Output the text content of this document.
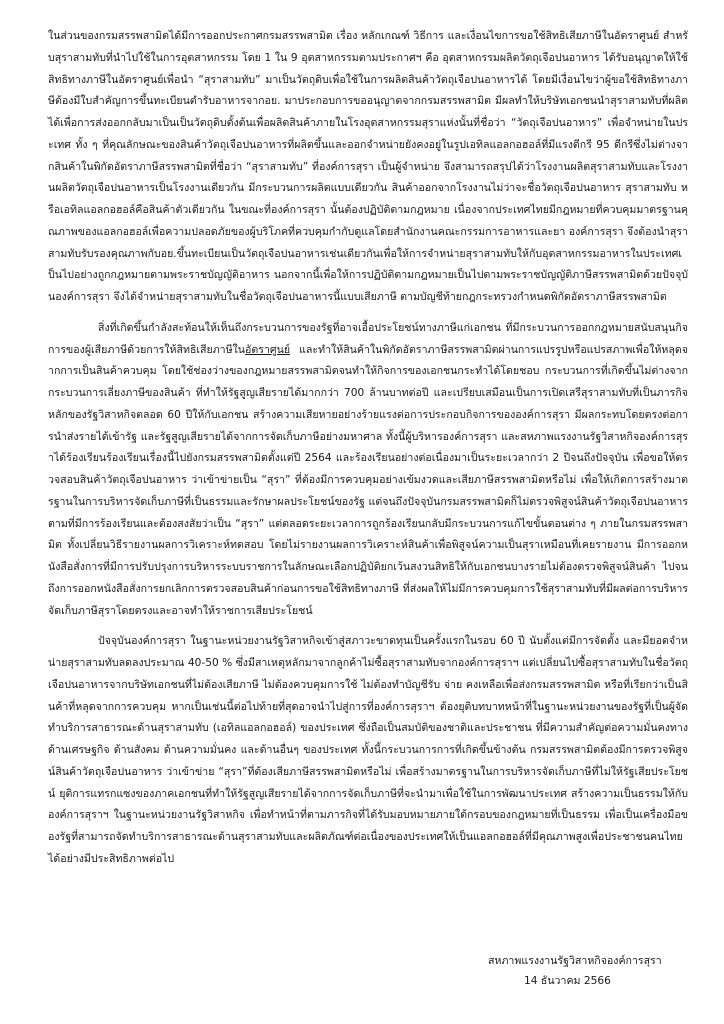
ในส่วนของกรมสรรพสามิตได้มีการออกประกาศกรมสรรพสามิต เรื่อง หลักเกณฑ์ วิธีการ และเงื่อนไขการขอใช้สิทธิเสียภาษีในอัตราศูนย์ สำหรับสุราสามทับที่นำไปใช้ในการอุตสาหกรรม โดย 1 ใน 9 อุตสาหกรรมตามประกาศฯ คือ อุตสาหกรรมผลิตวัตถุเจือปนอาหาร ได้รับอนุญาตให้ใช้สิทธิทางภาษีในอัตราศูนย์เพื่อนำ “สุราสามทับ” มาเป็นวัตถุดิบเพื่อใช้ในการผลิตสินค้าวัตถุเจือปนอาหารได้ โดยมีเงื่อนไขว่าผู้ขอใช้สิทธิทางภาษีต้องมีใบสำคัญการขึ้นทะเบียนตำรับอาหารจากอย. มาประกอบการขออนุญาตจากกรมสรรพสามิต มีผลทำให้บริษัทเอกชนนำสุราสามทับที่ผลิตได้เพื่อการส่งออกกลับมาเป็นเป็นวัตถุดิบตั้งต้นเพื่อผลิตสินค้าภายในโรงอุตสาหกรรมสุราแห่งนั้นที่ชื่อว่า “วัตถุเจือปนอาหาร” เพื่อจำหน่ายในประเทศ ทั้ง ๆ ที่คุณลักษณะของสินค้าวัตถุเจือปนอาหารที่ผลิตขึ้นและออกจำหน่ายยังคงอยู่ในรูปเอทิลแอลกอฮอล์ที่มีแรงดีกรี 95 ดีกรีซึ่งไม่ต่างจากสินค้าในพิกัดอัตราภาษีสรรพสามิตที่ชื่อว่า “สุราสามทับ” ที่องค์การสุรา เป็นผู้จำหน่าย จึงสามารถสรุปได้ว่าโรงงานผลิตสุราสามทับและโรงงานผลิตวัตถุเจือปนอาหารเป็นโรงงานเดียวกัน มีกระบวนการผลิตแบบเดียวกัน สินค้าออกจากโรงงานไม่ว่าจะชื่อวัตถุเจือปนอาหาร สุราสามทับ หรือเอทิลแอลกอฮอล์คือสินค้าตัวเดียวกัน ในขณะที่องค์การสุรา นั้นต้องปฏิบัติตามกฎหมาย เนื่องจากประเทศไทยมีกฎหมายที่ควบคุมมาตรฐานคุณภาพของแอลกอฮอล์เพื่อความปลอดภัยของผู้บริโภคที่ควบคุมกำกับดูแลโดยสำนักงานคณะกรรมการอาหารและยา องค์การสุรา จึงต้องนำสุราสามทับรับรองคุณภาพกับอย.ขึ้นทะเบียนเป็นวัตถุเจือปนอาหารเช่นเดียวกันเพื่อให้การจำหน่ายสุราสามทับให้กับอุตสาหกรรมอาหารในประเทศเป็นไปอย่างถูกกฎหมายตามพระราชบัญญัติอาหาร นอกจากนี้เพื่อให้การปฏิบัติตามกฎหมายเป็นไปตามพระราชบัญญัติภาษีสรรพสามิตด้วยปัจจุบันองค์การสุรา จึงได้จำหน่ายสุราสามทับในชื่อวัตถุเจือปนอาหารนี้แบบเสียภาษี ตามบัญชีท้ายกฎกระทรวงกำหนดพิกัดอัตราภาษีสรรพสามิต

สิ่งที่เกิดขึ้นกำลังสะท้อนให้เห็นถึงกระบวนการของรัฐที่อาจเอื้อประโยชน์ทางภาษีแก่เอกชน ที่มีกระบวนการออกกฎหมายสนับสนุนกิจการของผู้เสียภาษีด้วยการให้สิทธิเสียภาษีในอัตราศูนย์ และทำให้สินค้าในพิกัดอัตราภาษีสรรพสามิตผ่านการแปรรูปหรือแปรสภาพเพื่อให้หลุดจากการเป็นสินค้าควบคุม โดยใช้ช่องว่างของกฎหมายสรรพสามิตจนทำให้กิจการของเอกชนกระทำได้โดยชอบ กระบวนการที่เกิดขึ้นไม่ต่างจากกระบวนการเลี่ยงภาษีของสินค้า ที่ทำให้รัฐสูญเสียรายได้มากกว่า 700 ล้านบาทต่อปี และเปรียบเสมือนเป็นการเปิดเสรีสุราสามทับที่เป็นภารกิจหลักของรัฐวิสาหกิจตลอด 60 ปีให้กับเอกชน สร้างความเสียหายอย่างร้ายแรงต่อการประกอบกิจการขององค์การสุรา มีผลกระทบโดยตรงต่อการนำส่งรายได้เข้ารัฐ และรัฐสูญเสียรายได้จากการจัดเก็บภาษีอย่างมหาศาล ทั้งนี้ผู้บริหารองค์การสุรา และสหภาพแรงงานรัฐวิสาหกิจองค์การสุราได้ร้องเรียนร้องเรียนเรื่องนี้ไปยังกรมสรรพสามิตตั้งแต่ปี 2564 และร้องเรียนอย่างต่อเนื่องมาเป็นระยะเวลากว่า 2 ปีจนถึงปัจจุบัน เพื่อขอให้ตรวจสอบสินค้าวัตถุเจือปนอาหาร ว่าเข้าข่ายเป็น “สุรา” ที่ต้องมีการควบคุมอย่างเข้มงวดและเสียภาษีสรรพสามิตหรือไม่ เพื่อให้เกิดการสร้างมาตรฐานในการบริหารจัดเก็บภาษีที่เป็นธรรมและรักษาผลประโยชน์ของรัฐ แต่จนถึงปัจจุบันกรมสรรพสามิตก็ไม่ตรวจพิสูจน์สินค้าวัตถุเจือปนอาหารตามที่มีการร้องเรียนและต้องสงสัยว่าเป็น “สุรา” แต่ตลอดระยะเวลาการถูกร้องเรียนกลับมีกระบวนการแก้ไขขั้นตอนต่าง ๆ ภายในกรมสรรพสามิต ทั้งเปลี่ยนวิธีรายงานผลการวิเคราะห์ทดสอบ โดยไม่รายงานผลการวิเคราะห์สินค้าเพื่อพิสูจน์ความเป็นสุราเหมือนที่เคยรายงาน มีการออกหนังสือสั่งการที่มีการปรับปรุงการบริหารระบบราชการในลักษณะเลือกปฏิบัติยกเว้นสงวนสิทธิให้กับเอกชนบางรายไม่ต้องตรวจพิสูจน์สินค้า ไปจนถึงการออกหนังสือสั่งการยกเลิกการตรวจสอบสินค้าก่อนการขอใช้สิทธิทางภาษี ที่ส่งผลให้ไม่มีการควบคุมการใช้สุราสามทับที่มีผลต่อการบริหารจัดเก็บภาษีสุราโดยตรงและอาจทำให้ราชการเสียประโยชน์

ปัจจุบันองค์การสุรา ในฐานะหน่วยงานรัฐวิสาหกิจเข้าสู่สภาวะขาดทุนเป็นครั้งแรกในรอบ 60 ปี นับตั้งแต่มีการจัดตั้ง และมียอดจำหน่ายสุราสามทับลดลงประมาณ 40-50 % ซึ่งมีสาเหตุหลักมาจากลูกค้าไม่ซื้อสุราสามทับจากองค์การสุราฯ แต่เปลี่ยนไปซื้อสุราสามทับในชื่อวัตถุเจือปนอาหารจากบริษัทเอกชนที่ไม่ต้องเสียภาษี ไม่ต้องควบคุมการใช้ ไม่ต้องทำบัญชีรับ จ่าย คงเหลือเพื่อส่งกรมสรรพสามิต หรือที่เรียกว่าเป็นสินค้าที่หลุดจากการควบคุม หากเป็นเช่นนี้ต่อไปท้ายที่สุดอาจนำไปสู่การที่องค์การสุราฯ ต้องยุติบทบาทหน้าที่ในฐานะหน่วยงานของรัฐที่เป็นผู้จัดทำบริการสาธารณะด้านสุราสามทับ (เอทิลแอลกอฮอล์) ของประเทศ ซึ่งถือเป็นสมบัติของชาติและประชาชน ที่มีความสำคัญต่อความมั่นคงทางด้านเศรษฐกิจ ด้านสังคม ด้านความมั่นคง และด้านอื่นๆ ของประเทศ ทั้งนี้กระบวนการการที่เกิดขึ้นข้างต้น กรมสรรพสามิตต้องมีการตรวจพิสูจน์สินค้าวัตถุเจือปนอาหาร ว่าเข้าข่าย “สุรา”ที่ต้องเสียภาษีสรรพสามิตหรือไม่ เพื่อสร้างมาตรฐานในการบริหารจัดเก็บภาษีที่ไม่ให้รัฐเสียประโยชน์ ยุติการแทรกแซงของภาคเอกชนที่ทำให้รัฐสูญเสียรายได้จากการจัดเก็บภาษีที่จะนำมาเพื่อใช้ในการพัฒนาประเทศ สร้างความเป็นธรรมให้กับองค์การสุราฯ ในฐานะหน่วยงานรัฐวิสาหกิจ เพื่อทำหน้าที่ตามภารกิจที่ได้รับมอบหมายภายใต้กรอบของกฎหมายที่เป็นธรรม เพื่อเป็นเครื่องมือของรัฐที่สามารถจัดทำบริการสาธารณะด้านสุราสามทับและผลิตภัณฑ์ต่อเนื่องของประเทศให้เป็นแอลกอฮอล์ที่มีคุณภาพสูงเพื่อประชาชนคนไทยได้อย่างมีประสิทธิภาพต่อไป

สหภาพแรงงานรัฐวิสาหกิจองค์การสุรา
14 ธันวาคม 2566
